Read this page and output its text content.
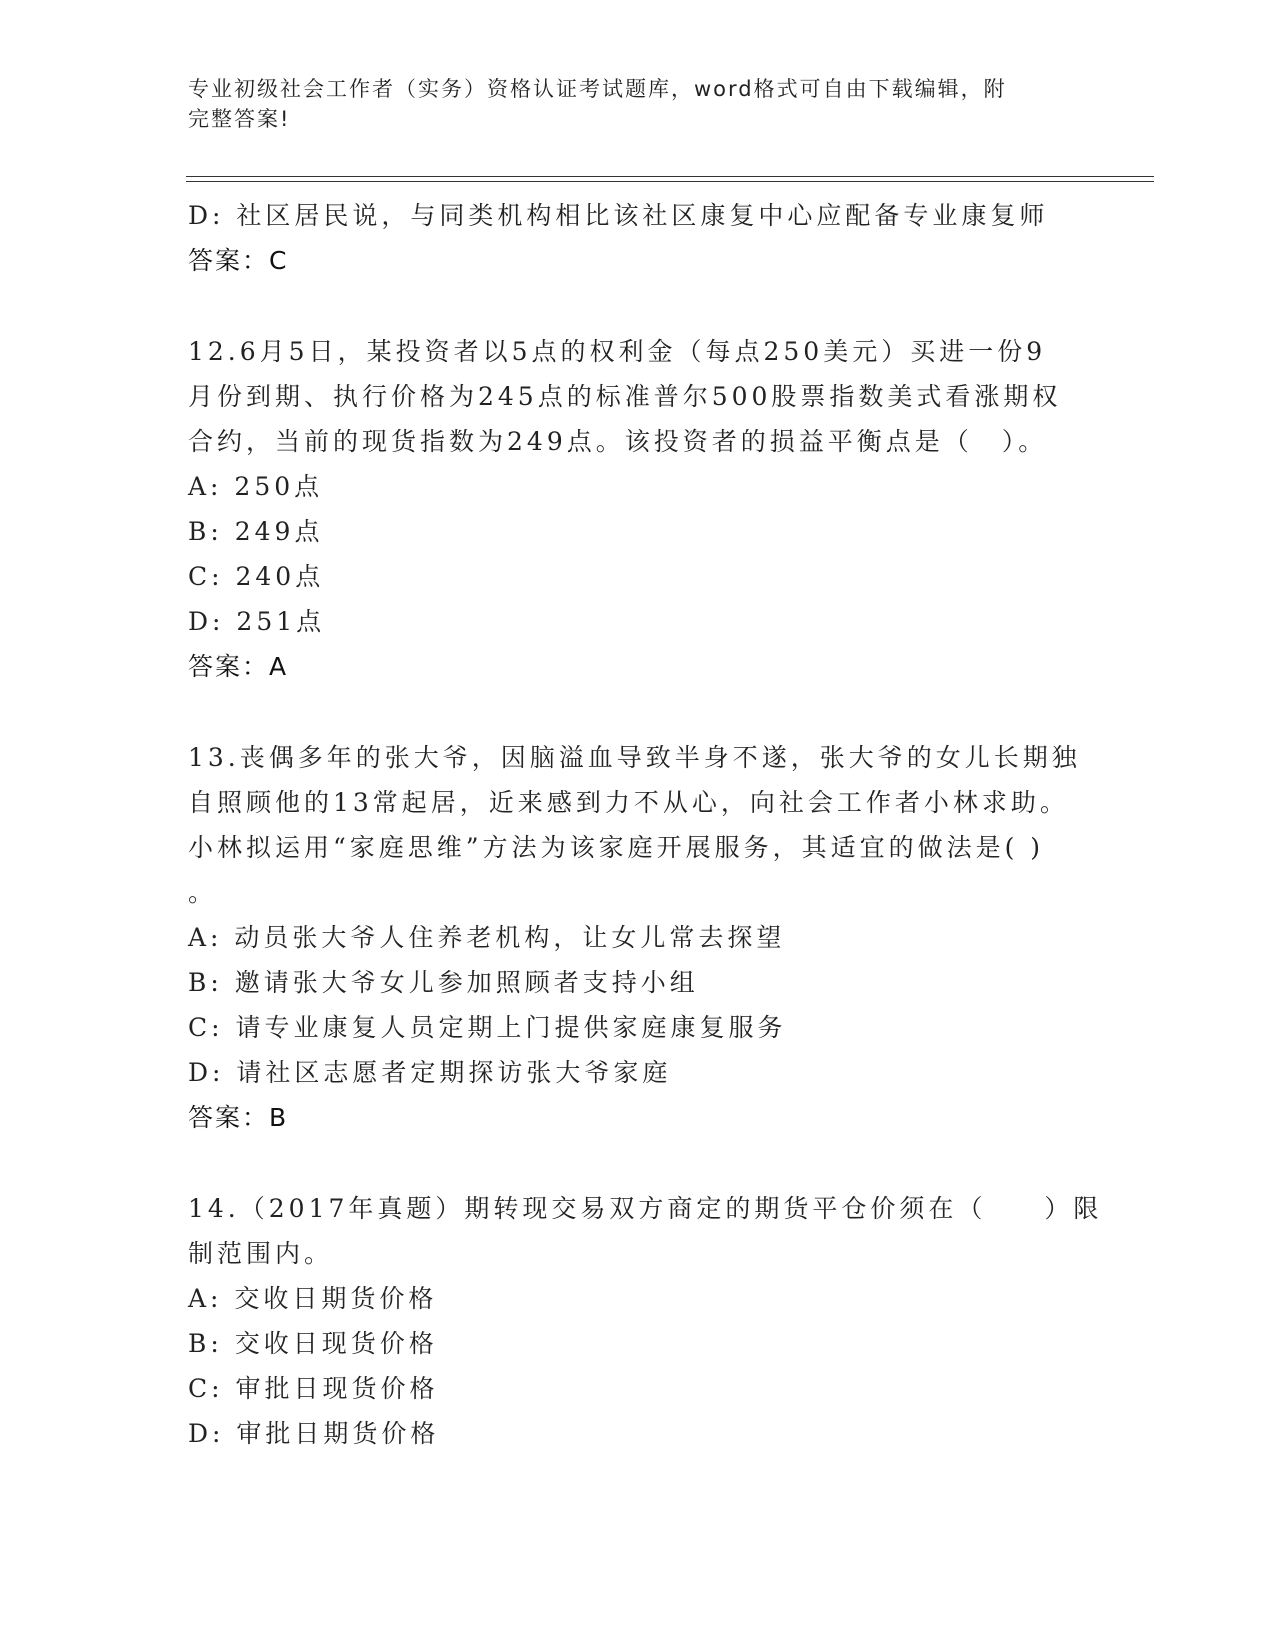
专业初级社会工作者（实务）资格认证考试题库，word格式可自由下载编辑，附
完整答案!
D: 社区居民说，与同类机构相比该社区康复中心应配备专业康复师
答案：C
12.6月5日，某投资者以5点的权利金（每点250美元）买进一份9
月份到期、执行价格为245点的标准普尔500股票指数美式看涨期权
合约，当前的现货指数为249点。该投资者的损益平衡点是（　）。
A: 250点
B: 249点
C: 240点
D: 251点
答案：A
13.丧偶多年的张大爷，因脑溢血导致半身不遂，张大爷的女儿长期独
自照顾他的13常起居，近来感到力不从心，向社会工作者小林求助。
小林拟运用“家庭思维”方法为该家庭开展服务，其适宜的做法是( )
。
A: 动员张大爷人住养老机构，让女儿常去探望
B: 邀请张大爷女儿参加照顾者支持小组
C: 请专业康复人员定期上门提供家庭康复服务
D: 请社区志愿者定期探访张大爷家庭
答案：B
14.（2017年真题）期转现交易双方商定的期货平仓价须在（　　）限
制范围内。
A: 交收日期货价格
B: 交收日现货价格
C: 审批日现货价格
D: 审批日期货价格
